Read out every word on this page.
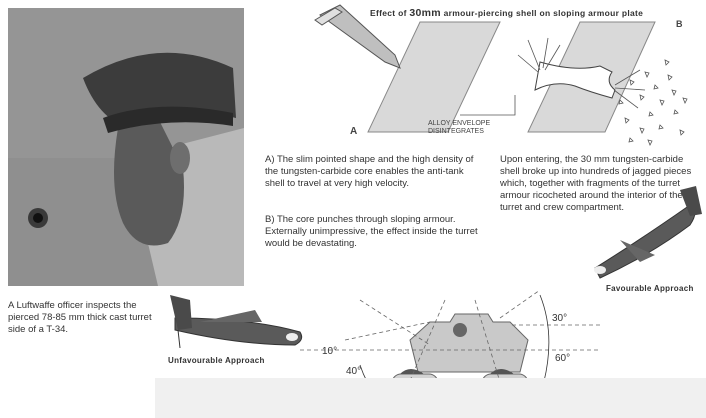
A Luftwaffe officer inspects the pierced 78-85 mm thick cast turret side of a T-34.
Effect of 30mm armour-piercing shell on sloping armour plate
A
B
ALLOY ENVELOPE DISINTEGRATES
A) The slim pointed shape and the high density of the tungsten-carbide core enables the anti-tank shell to travel at very high velocity.
B) The core punches through sloping armour. Externally unimpressive, the effect inside the turret would be devastating.
Upon entering, the 30 mm tungsten-carbide shell broke up into hundreds of jagged pieces which, together with fragments of the turret armour ricocheted around the interior of the turret and crew compartment.
Unfavourable Approach
Favourable Approach
10°
40°
30°
60°
